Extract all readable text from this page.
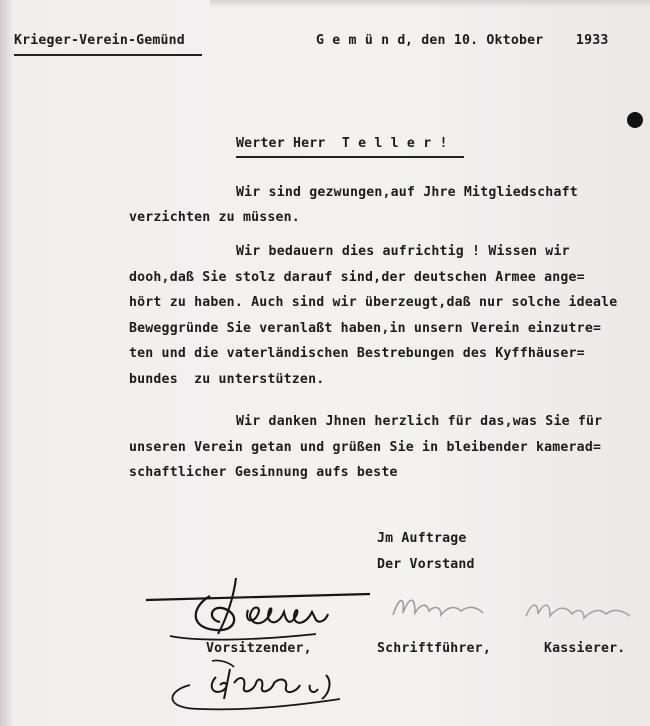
Krieger-Verein-Gemünd	G e m ü n d , den 10. Oktober    1933
Werter Herr  T e l l e r !
Wir sind gezwungen,auf Jhre Mitgliedschaft
verzichten zu müssen.
Wir bedauern dies aufrichtig ! Wissen wir
dooh,daß Sie stolz darauf sind,der deutschen Armee ange=
hört zu haben. Auch sind wir überzeugt,daß nur solche ideale
Beweggründe Sie veranlaßt haben,in unsern Verein einzutre=
ten und die vaterländischen Bestrebungen des Kyffhäuser=
bundes  zu unterstützen.
Wir danken Jhnen herzlich für das,was Sie für
unseren Verein getan und grüßen Sie in bleibender kamerad=
schaftlicher Gesinnung aufs beste
Jm Auftrage
Der Vorstand
Vorsitzender,	Schriftführer,	Kassierer.
